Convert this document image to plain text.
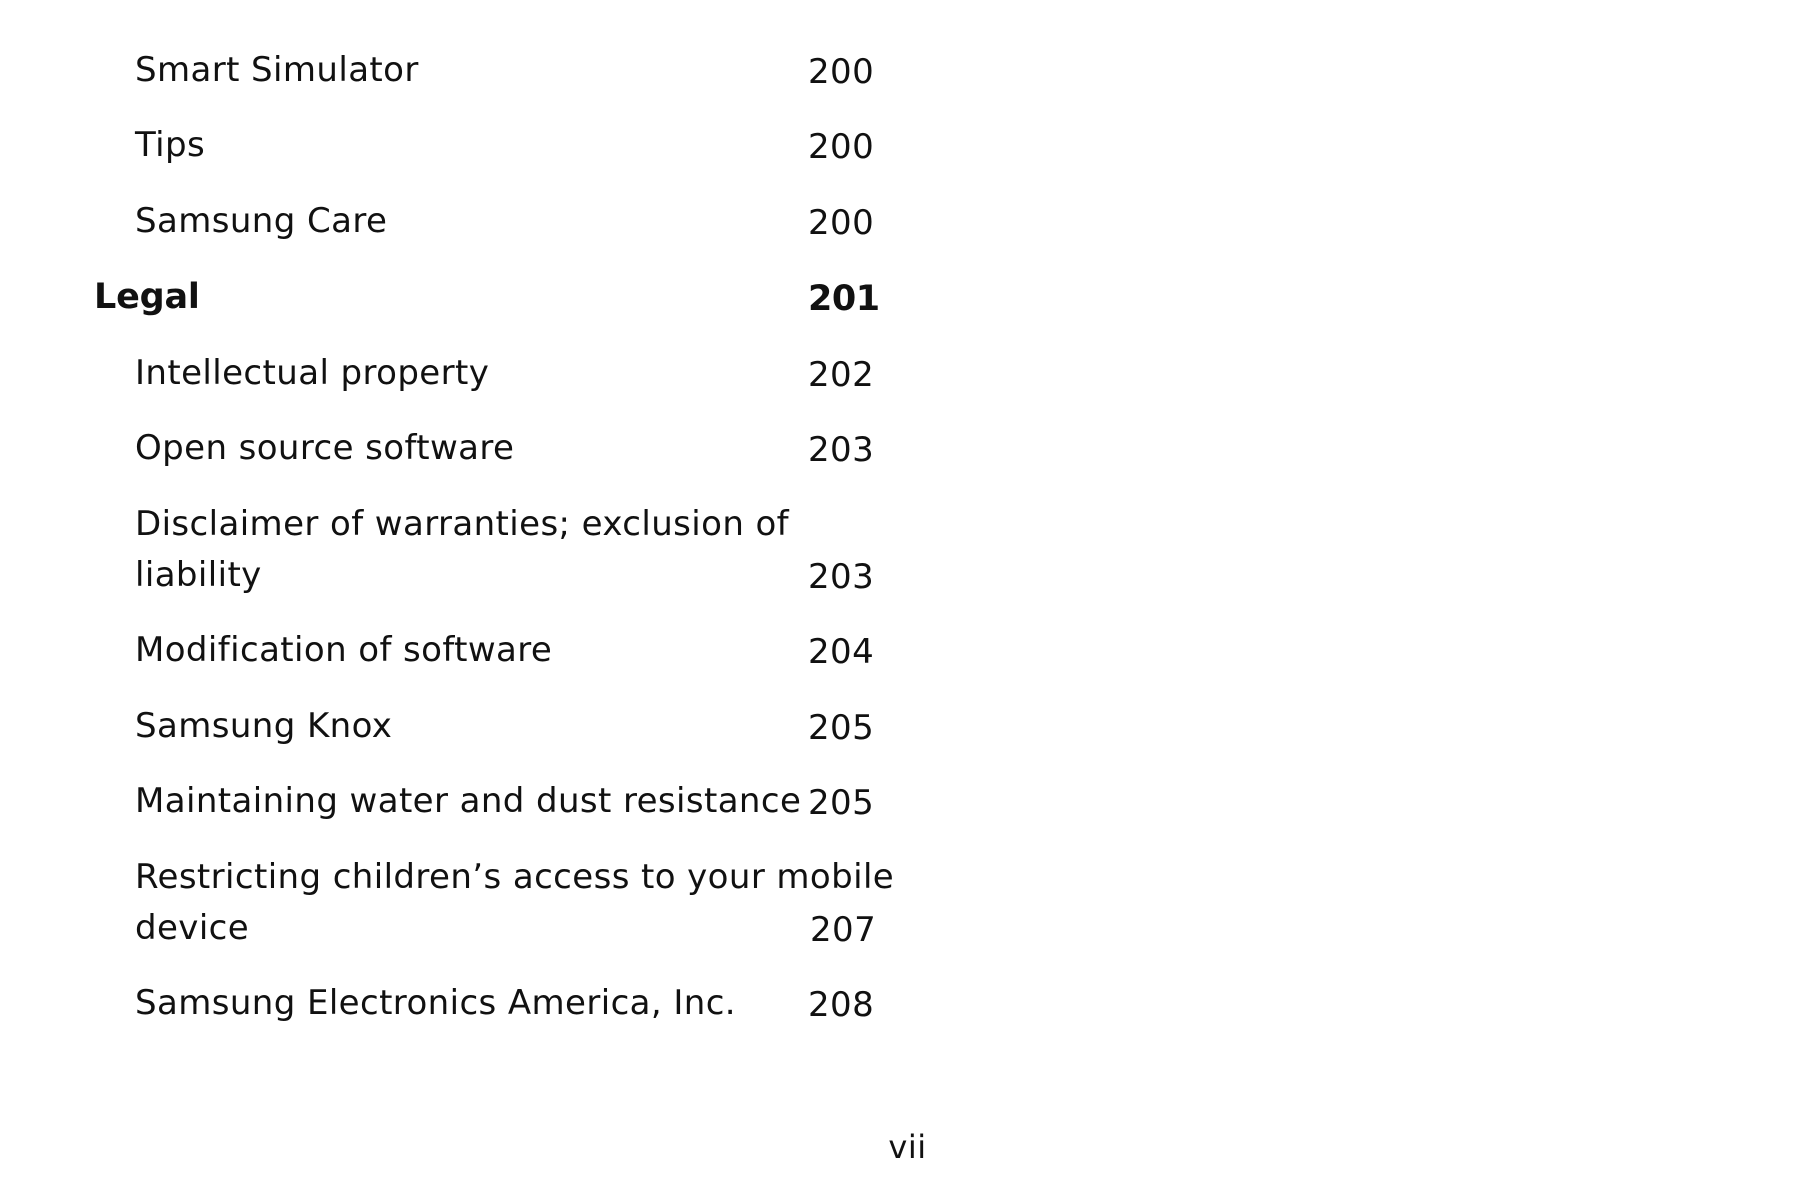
Smart Simulator	200
Tips	200
Samsung Care	200
Legal	201
Intellectual property	202
Open source software	203
Disclaimer of warranties; exclusion of
liability	203
Modification of software	204
Samsung Knox	205
Maintaining water and dust resistance 205
Restricting children’s access to your mobile
device	207
Samsung Electronics America, Inc. 208
vii
